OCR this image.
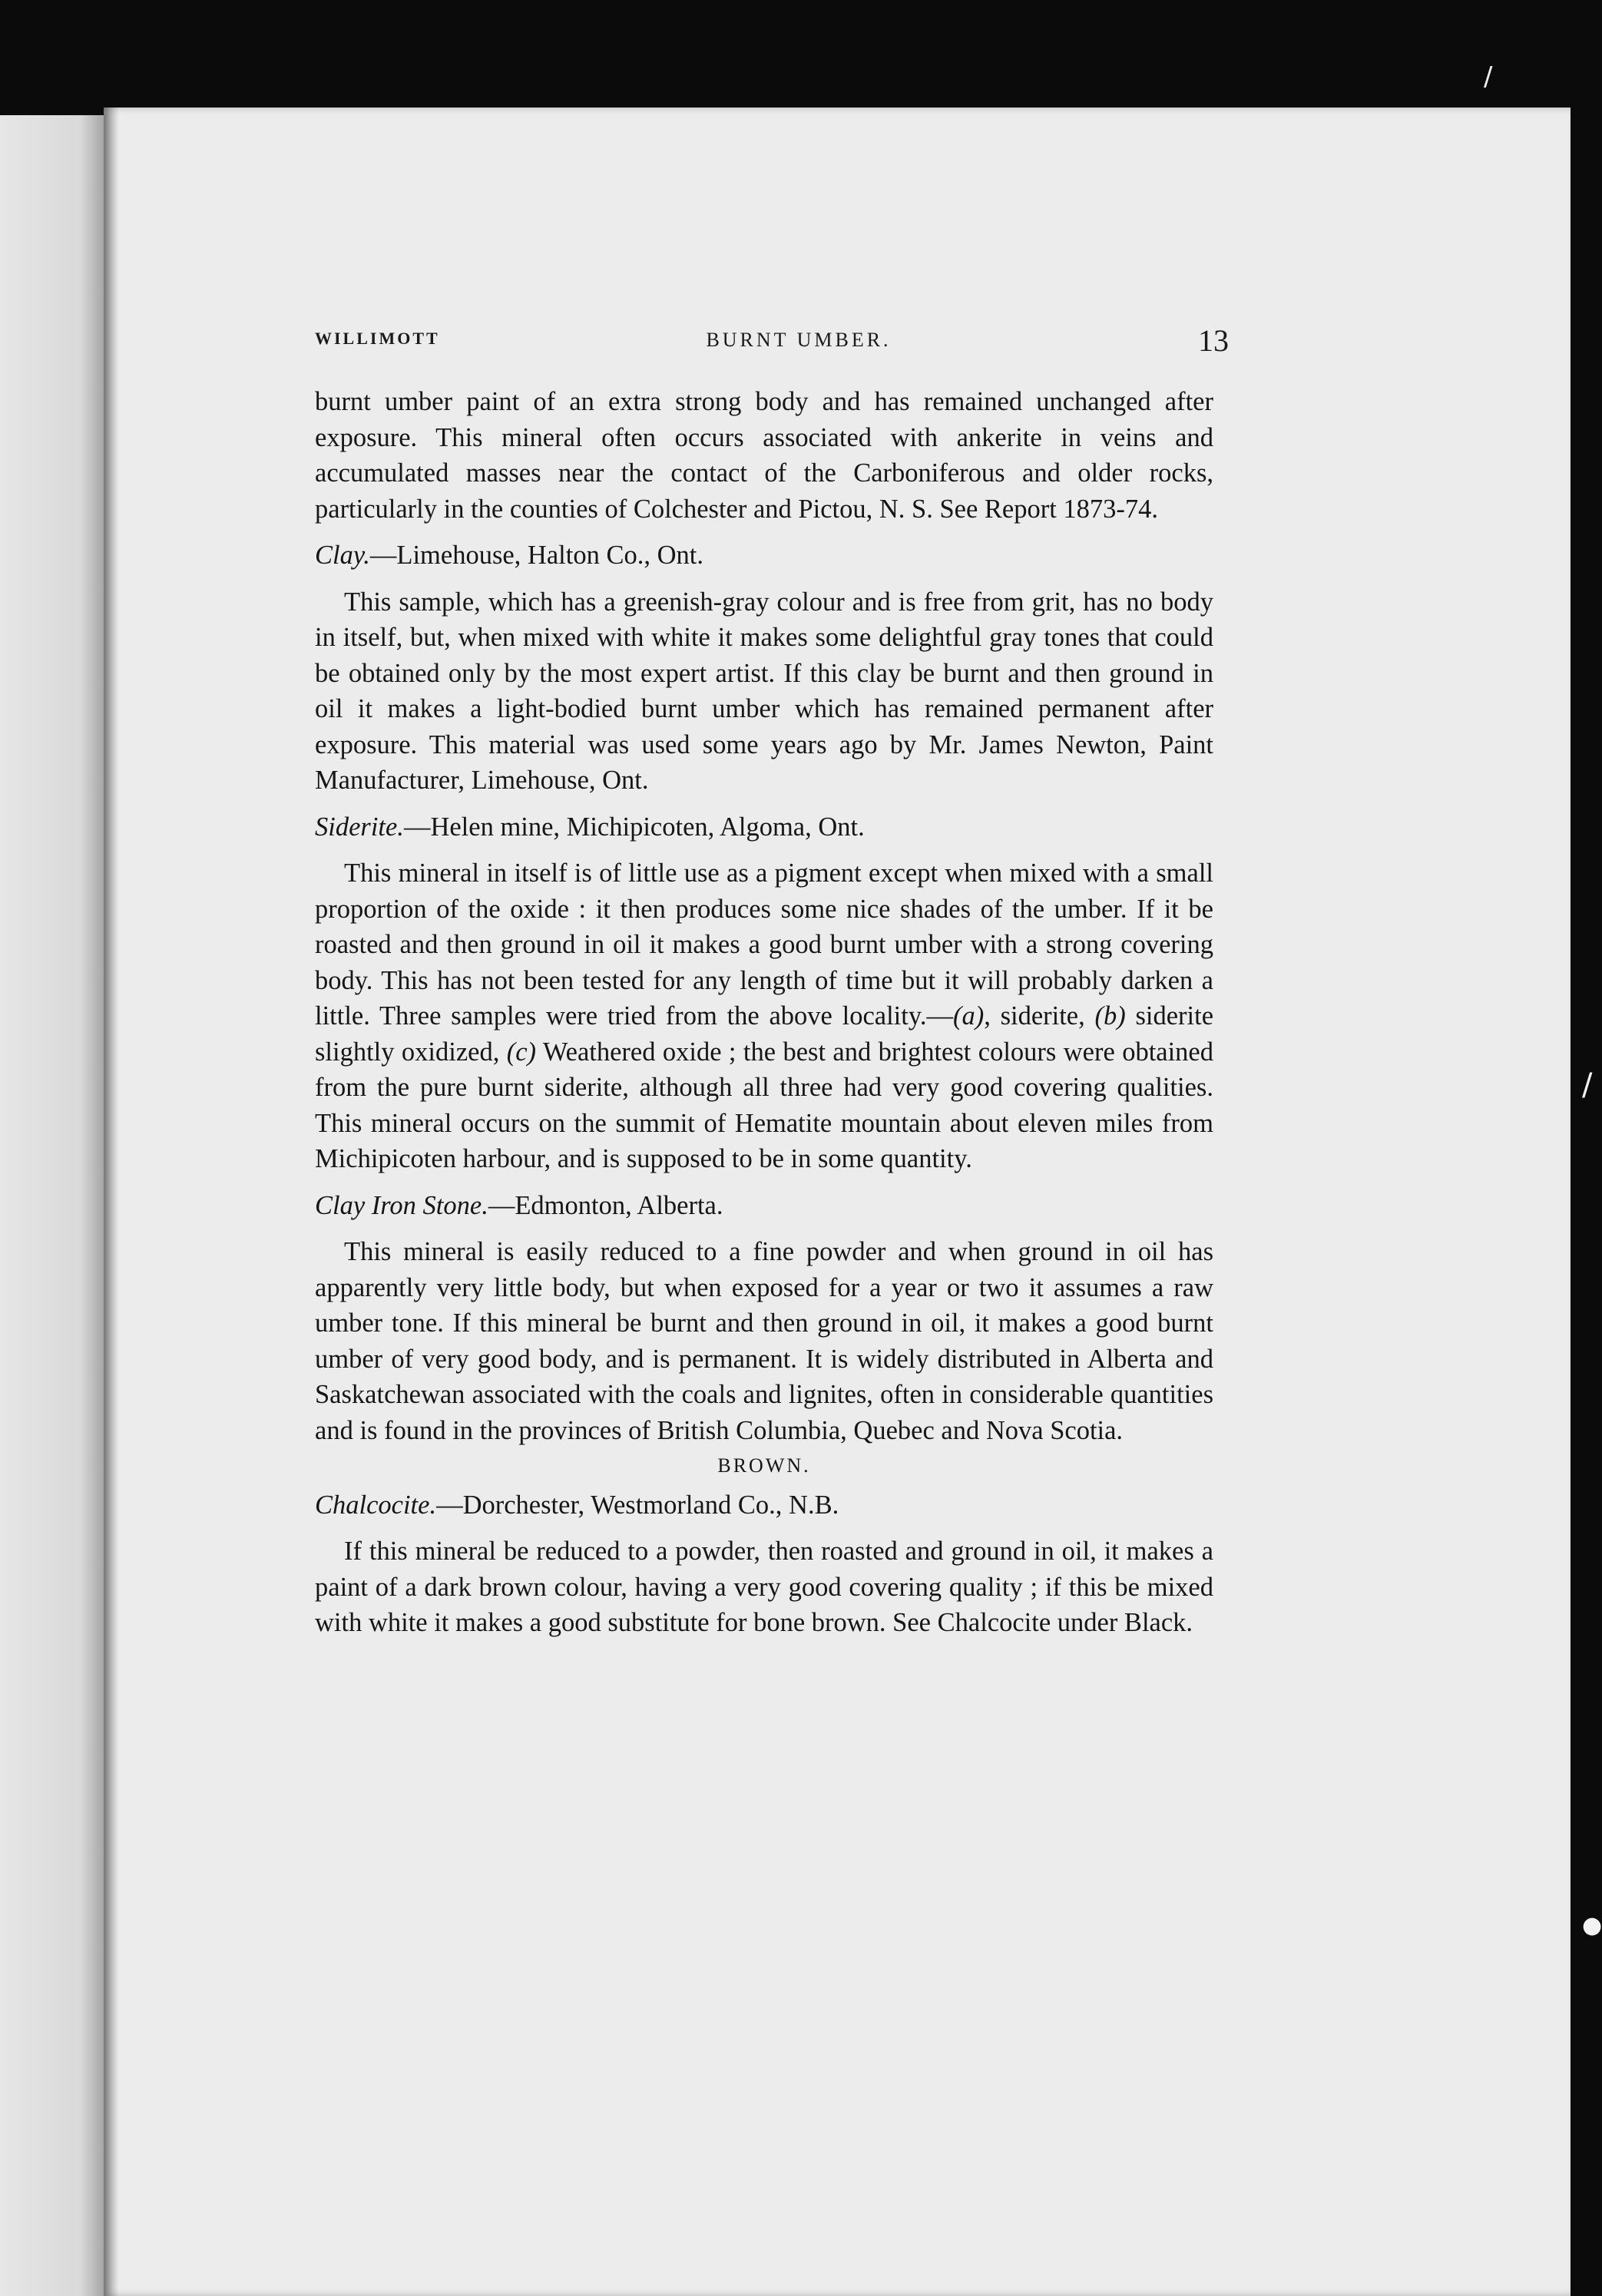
/
/
●
WILLIMOTT	BURNT UMBER.	13

burnt umber paint of an extra strong body and has remained unchanged after exposure. This mineral often occurs associated with ankerite in veins and accumulated masses near the contact of the Carboniferous and older rocks, particularly in the counties of Colchester and Pictou, N. S. See Report 1873-74.

Clay.—Limehouse, Halton Co., Ont.

This sample, which has a greenish-gray colour and is free from grit, has no body in itself, but, when mixed with white it makes some delightful gray tones that could be obtained only by the most expert artist. If this clay be burnt and then ground in oil it makes a light-bodied burnt umber which has remained permanent after exposure. This material was used some years ago by Mr. James Newton, Paint Manufacturer, Limehouse, Ont.

Siderite.—Helen mine, Michipicoten, Algoma, Ont.

This mineral in itself is of little use as a pigment except when mixed with a small proportion of the oxide : it then produces some nice shades of the umber. If it be roasted and then ground in oil it makes a good burnt umber with a strong covering body. This has not been tested for any length of time but it will probably darken a little. Three samples were tried from the above locality.—(a), siderite, (b) siderite slightly oxidized, (c) Weathered oxide ; the best and brightest colours were obtained from the pure burnt siderite, although all three had very good covering qualities. This mineral occurs on the summit of Hematite mountain about eleven miles from Michipicoten harbour, and is supposed to be in some quantity.

Clay Iron Stone.—Edmonton, Alberta.

This mineral is easily reduced to a fine powder and when ground in oil has apparently very little body, but when exposed for a year or two it assumes a raw umber tone. If this mineral be burnt and then ground in oil, it makes a good burnt umber of very good body, and is permanent. It is widely distributed in Alberta and Saskatchewan associated with the coals and lignites, often in considerable quantities and is found in the provinces of British Columbia, Quebec and Nova Scotia.

BROWN.

Chalcocite.—Dorchester, Westmorland Co., N.B.

If this mineral be reduced to a powder, then roasted and ground in oil, it makes a paint of a dark brown colour, having a very good covering quality ; if this be mixed with white it makes a good substitute for bone brown. See Chalcocite under Black.
